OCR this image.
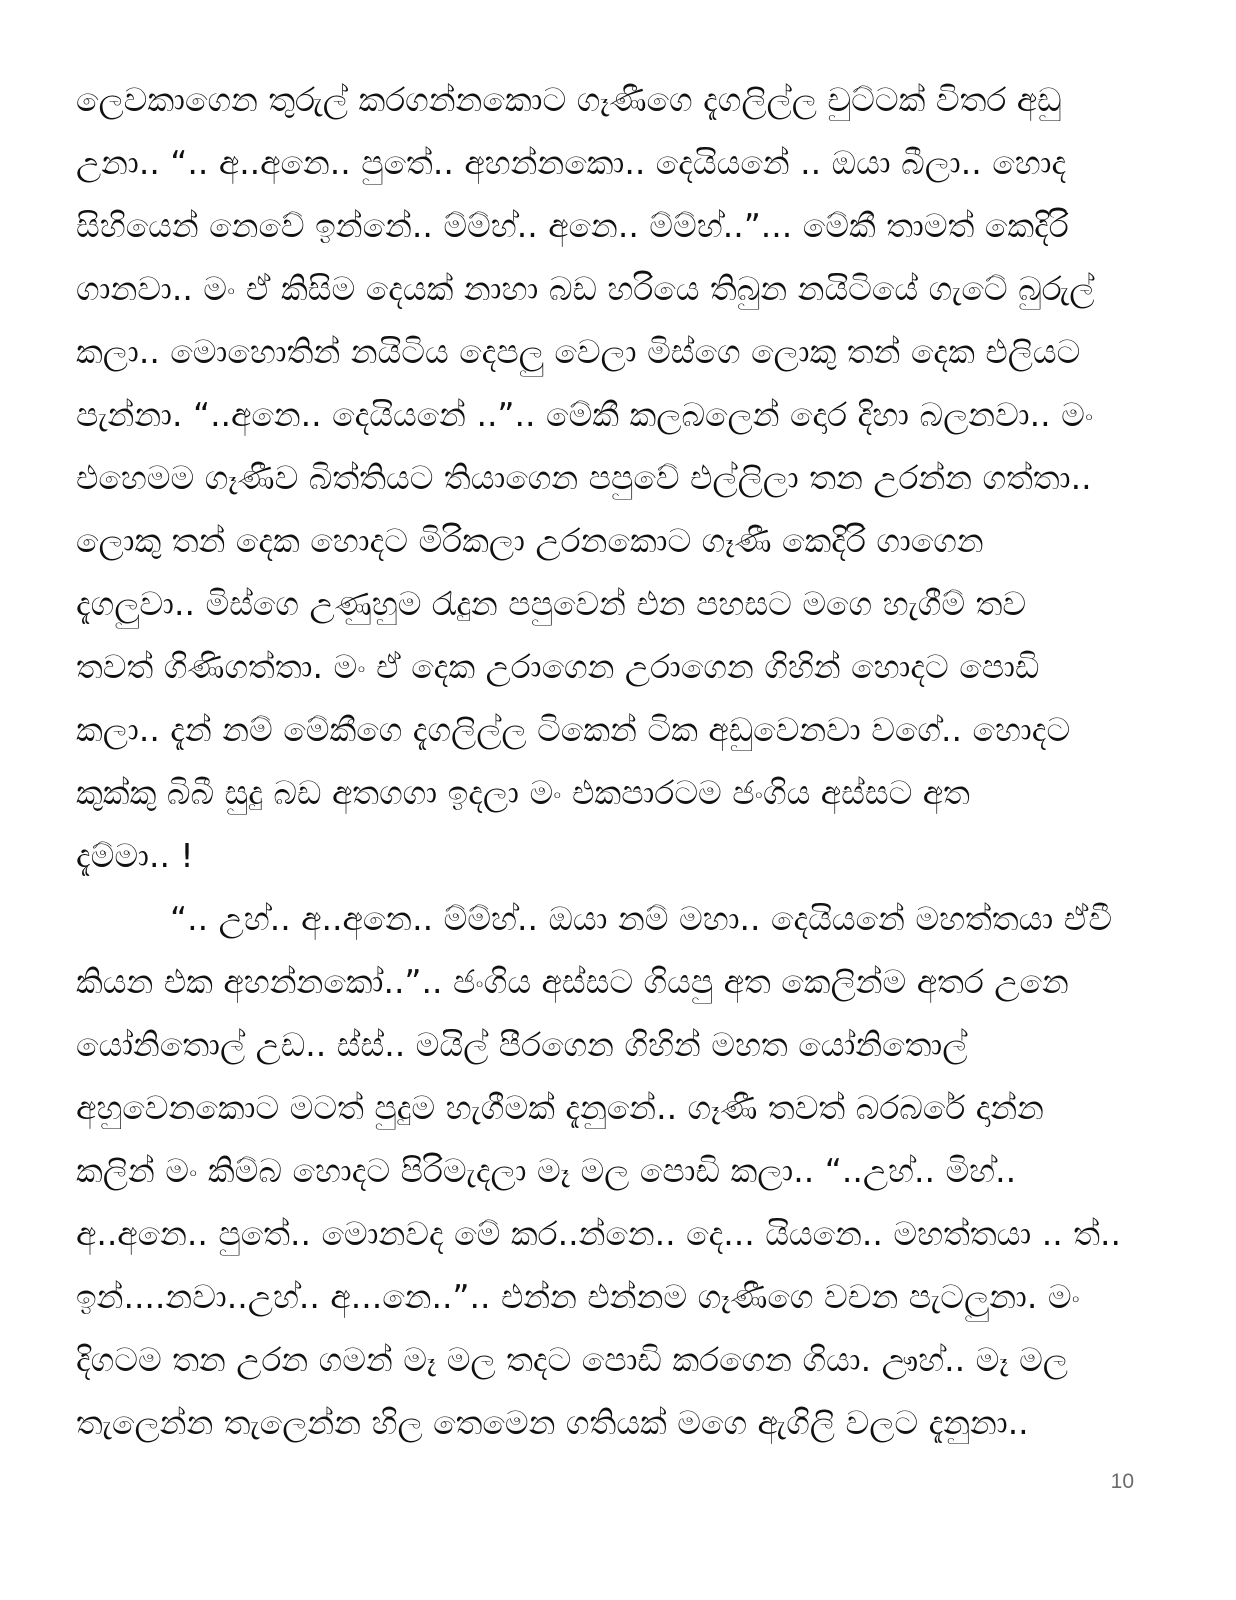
ලෙවකාගෙන තුරුල් කරගන්නකොට ගෑණීගෙ දැගලිල්ල චුට්ටක් විතර අඩු
උනා.. “.. අ..අනෙ.. පුතේ.. අහන්නකො.. දෙයියනේ .. ඔයා බීලා.. හොද
සිහියෙන් නෙවේ ඉන්නේ.. ම්ම්හ්.. අනෙ.. ම්ම්හ්..”... මේකී තාමත් කෙදිරි
ගානවා.. මං ඒ කිසිම දෙයක් නාහා බඩ හරියෙ තිබුන නයිටියේ ගැටේ බුරුල්
කලා.. මොහොතින් නයිටිය දෙපලු වෙලා මිස්ගෙ ලොකු තන් දෙක එලියට
පැන්නා. “..අනෙ.. දෙයියනේ ..”.. මේකී කලබලෙන් දොර දිහා බලනවා.. මං
එහෙමම ගෑණීව බිත්තියට තියාගෙන පපුවේ එල්ලිලා තන උරන්න ගත්තා..
ලොකු තන් දෙක හොදට මිරිකලා උරනකොට ගෑණී කෙදිරි ගාගෙන
දැගලුවා.. මිස්ගෙ උණුහුම රැදුන පපුවෙන් එන පහසට මගෙ හැගීම් තව
තවත් ගිණිගත්තා. මං ඒ දෙක උරාගෙන උරාගෙන ගිහින් හොදට පොඩි
කලා.. දැන් නම් මේකීගෙ දැගලිල්ල ටිකෙන් ටික අඩුවෙනවා වගේ.. හොදට
කුක්කු බිබී සුදු බඩ අතගගා ඉදලා මං එකපාරටම ජංගිය අස්සට අත
දැම්මා.. !
“.. උහ්.. අ..අනෙ.. ම්ම්හ්.. ඔයා නම් මහා.. දෙයියනේ මහත්තයා ඒවී
කියන එක අහන්නකෝ..”.. ජංගිය අස්සට ගියපු අත කෙලින්ම අතර උනෙ
යෝනිතොල් උඩ.. ස්ස්.. මයිල් පීරගෙන ගිහින් මහත යෝනිතොල්
අහුවෙනකොට මටත් පුදුම හැගීමක් දැනුනේ.. ගෑණී තවත් බරබරේ දාන්න
කලින් මං කිම්බ හොදට පිරිමැදලා මෑ මල පොඩි කලා.. “..උහ්.. මිහ්..
අ..අනෙ.. පුතේ.. මොනවද මේ කර..න්නෙ.. දෙ... යියනෙ.. මහත්තයා .. ත්..
ඉන්....නවා..උහ්.. අ...නෙ..”.. එන්න එන්නම ගෑණීගෙ වචන පැටලුනා. මං
දිගටම තන උරන ගමන් මෑ මල තදට පොඩි කරගෙන ගියා. ඌහ්.. මෑ මල
තැලෙන්න තැලෙන්න හිල තෙමෙන ගතියක් මගෙ ඇගිලි වලට දැනුනා..
10
